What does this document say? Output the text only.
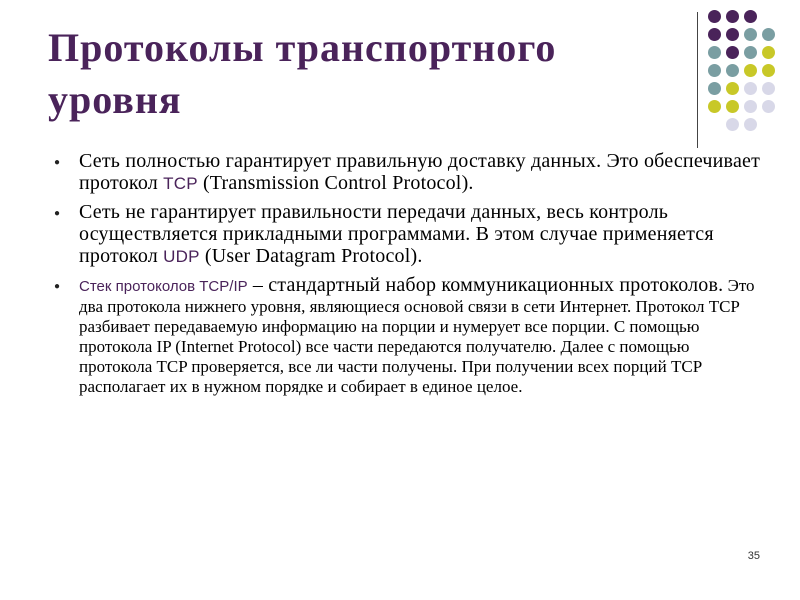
Протоколы транспортного уровня
● Сеть полностью гарантирует правильную доставку данных. Это обеспечивает протокол TCP (Transmission Control Protocol).
● Сеть не гарантирует правильности передачи данных, весь контроль осуществляется прикладными программами. В этом случае применяется протокол UDP (User Datagram Protocol).
● Стек протоколов TCP/IP – стандартный набор коммуникационных протоколов. Это два протокола нижнего уровня, являющиеся основой связи в сети Интернет. Протокол TCP разбивает передаваемую информацию на порции и нумерует все порции. С помощью протокола IP (Internet Protocol) все части передаются получателю. Далее с помощью протокола TCP проверяется, все ли части получены. При получении всех порций TCP располагает их в нужном порядке и собирает в единое целое.
35
